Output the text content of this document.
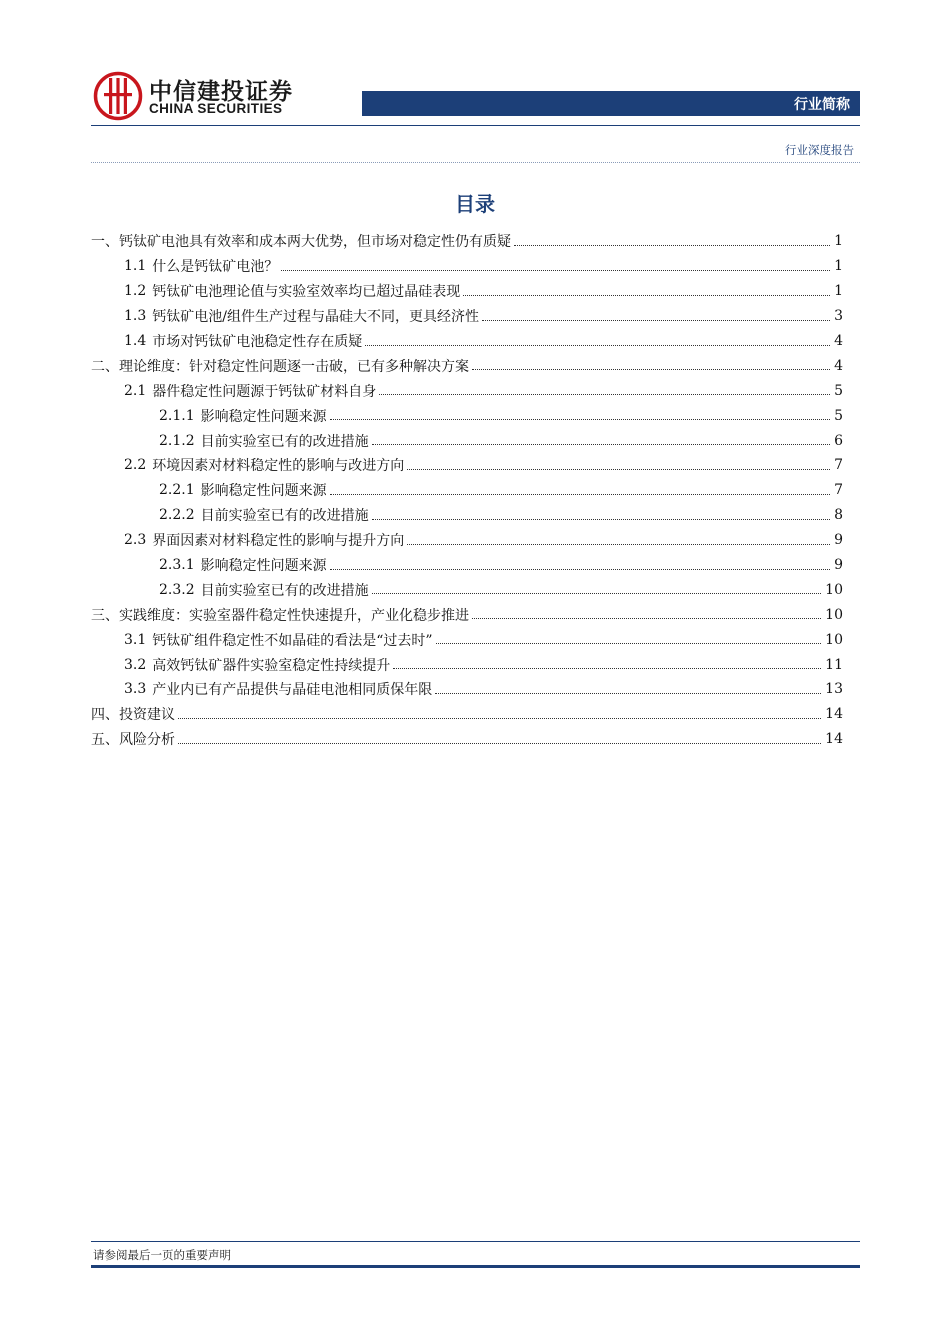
中信建投证券
CHINA SECURITIES	行业简称
行业深度报告
目录
一、钙钛矿电池具有效率和成本两大优势，但市场对稳定性仍有质疑	1
1.1 什么是钙钛矿电池？	1
1.2 钙钛矿电池理论值与实验室效率均已超过晶硅表现	1
1.3 钙钛矿电池/组件生产过程与晶硅大不同，更具经济性	3
1.4 市场对钙钛矿电池稳定性存在质疑	4
二、理论维度：针对稳定性问题逐一击破，已有多种解决方案	4
2.1 器件稳定性问题源于钙钛矿材料自身	5
2.1.1 影响稳定性问题来源	5
2.1.2 目前实验室已有的改进措施	6
2.2 环境因素对材料稳定性的影响与改进方向	7
2.2.1 影响稳定性问题来源	7
2.2.2 目前实验室已有的改进措施	8
2.3 界面因素对材料稳定性的影响与提升方向	9
2.3.1 影响稳定性问题来源	9
2.3.2 目前实验室已有的改进措施	10
三、实践维度：实验室器件稳定性快速提升，产业化稳步推进	10
3.1 钙钛矿组件稳定性不如晶硅的看法是“过去时”	10
3.2 高效钙钛矿器件实验室稳定性持续提升	11
3.3 产业内已有产品提供与晶硅电池相同质保年限	13
四、投资建议	14
五、风险分析	14
请参阅最后一页的重要声明
